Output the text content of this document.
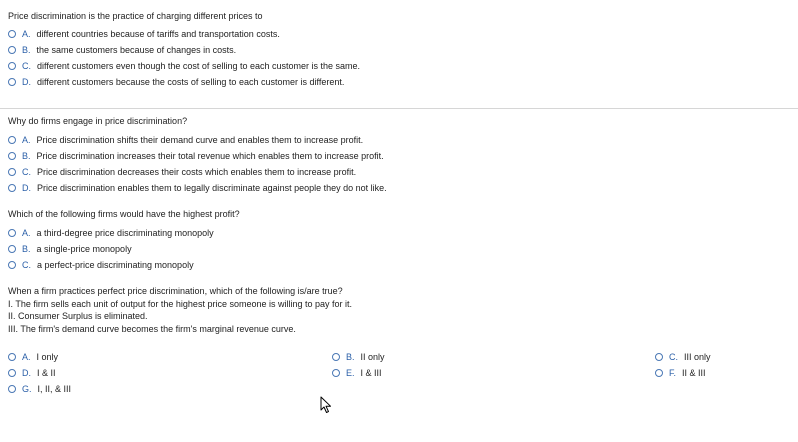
Price discrimination is the practice of charging different prices to
A. different countries because of tariffs and transportation costs.
B. the same customers because of changes in costs.
C. different customers even though the cost of selling to each customer is the same.
D. different customers because the costs of selling to each customer is different.
Why do firms engage in price discrimination?
A. Price discrimination shifts their demand curve and enables them to increase profit.
B. Price discrimination increases their total revenue which enables them to increase profit.
C. Price discrimination decreases their costs which enables them to increase profit.
D. Price discrimination enables them to legally discriminate against people they do not like.
Which of the following firms would have the highest profit?
A. a third-degree price discriminating monopoly
B. a single-price monopoly
C. a perfect-price discriminating monopoly
When a firm practices perfect price discrimination, which of the following is/are true?
I. The firm sells each unit of output for the highest price someone is willing to pay for it.
II. Consumer Surplus is eliminated.
III. The firm's demand curve becomes the firm's marginal revenue curve.
A. I only	B. II only	C. III only
D. I & II	E. I & III	F. II & III
G. I, II, & III
